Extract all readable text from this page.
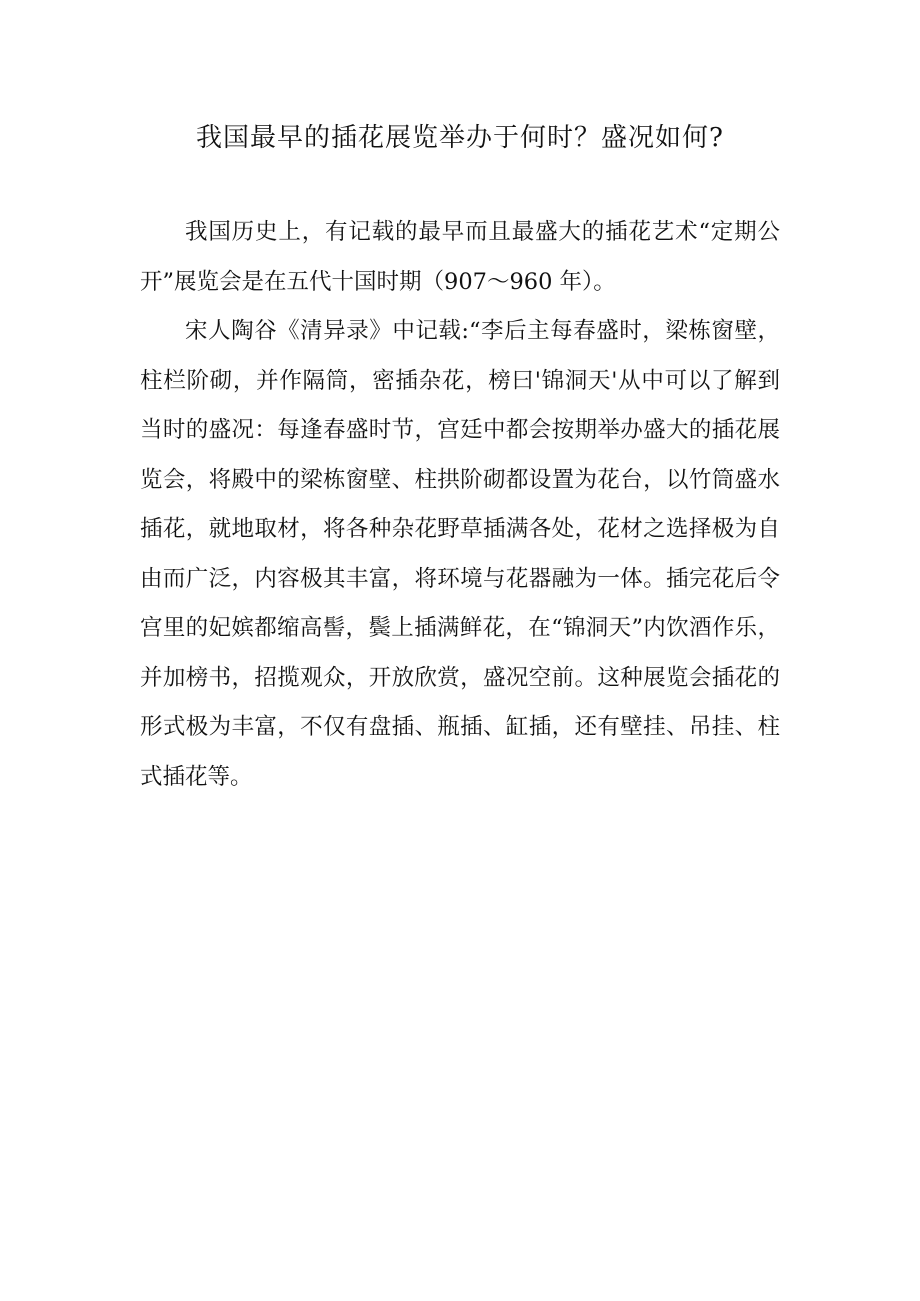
我国最早的插花展览举办于何时？盛况如何?

我国历史上，有记载的最早而且最盛大的插花艺术“定期公开”展览会是在五代十国时期（907～960 年）。

宋人陶谷《清异录》中记载:“李后主每春盛时，梁栋窗壁，柱栏阶砌，并作隔筒，密插杂花，榜曰'锦洞天'从中可以了解到当时的盛况：每逢春盛时节，宫廷中都会按期举办盛大的插花展览会，将殿中的梁栋窗壁、柱拱阶砌都设置为花台，以竹筒盛水插花，就地取材，将各种杂花野草插满各处，花材之选择极为自由而广泛，内容极其丰富，将环境与花器融为一体。插完花后令宫里的妃嫔都缩高髻，鬓上插满鲜花，在“锦洞天”内饮酒作乐，并加榜书，招揽观众，开放欣赏，盛况空前。这种展览会插花的形式极为丰富，不仅有盘插、瓶插、缸插，还有壁挂、吊挂、柱式插花等。
